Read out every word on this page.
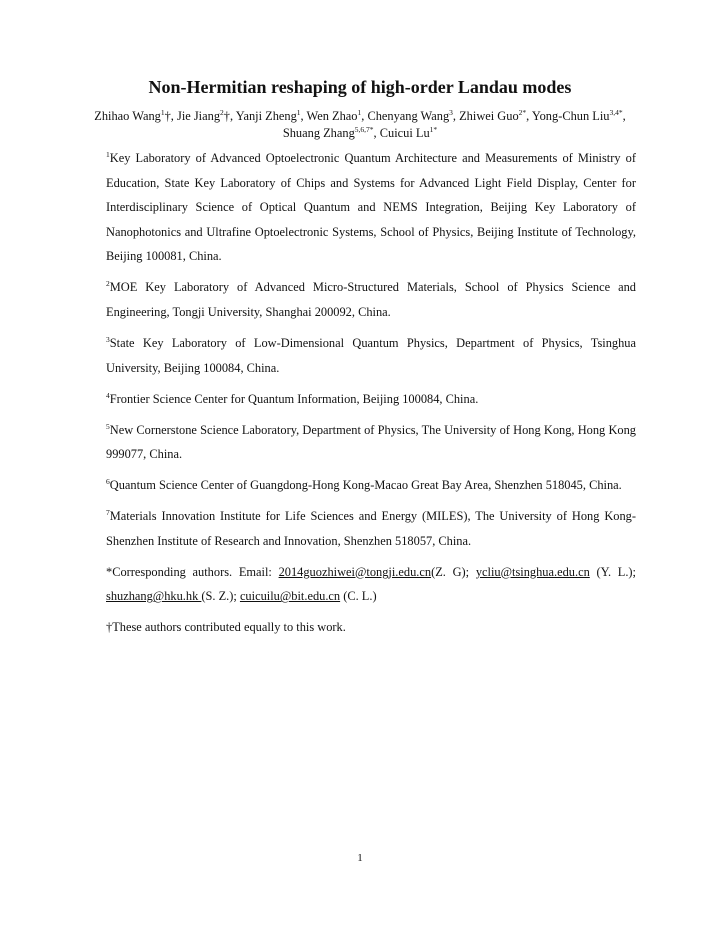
Non-Hermitian reshaping of high-order Landau modes
Zhihao Wang$^1$†, Jie Jiang$^2$†, Yanji Zheng$^1$, Wen Zhao$^1$, Chenyang Wang$^3$, Zhiwei Guo$^{2*}$, Yong-Chun Liu$^{3,4*}$, Shuang Zhang$^{5,6,7*}$, Cuicui $Lu^{1*}$

$^1$Key Laboratory of Advanced Optoelectronic Quantum Architecture and Measurements of Ministry of Education, State Key Laboratory of Chips and Systems for Advanced Light Field Display, Center for Interdisciplinary Science of Optical Quantum and NEMS Integration, Beijing Key Laboratory of Nanophotonics and Ultrafine Optoelectronic Systems, School of Physics, Beijing Institute of Technology, Beijing 100081, China.

$^2$MOE Key Laboratory of Advanced Micro-Structured Materials, School of Physics Science and Engineering, Tongji University, Shanghai 200092, China.

$^3$State Key Laboratory of Low-Dimensional Quantum Physics, Department of Physics, Tsinghua University, Beijing 100084, China.

$^4$Frontier Science Center for Quantum Information, Beijing 100084, China.

$^5$New Cornerstone Science Laboratory, Department of Physics, The University of Hong Kong, Hong Kong 999077, China.

$^6$Quantum Science Center of Guangdong-Hong Kong-Macao Great Bay Area, Shenzhen 518045, China.

$^7$Materials Innovation Institute for Life Sciences and Energy (MILES), The University of Hong Kong-Shenzhen Institute of Research and Innovation, Shenzhen 518057, China.

*Corresponding authors. Email: 2014guozhiwei@tongji.edu.cn(Z. G); ycliu@tsinghua.edu.cn (Y. L.); shuzhang@hku.hk (S. Z.); cuicuilu@bit.edu.cn (C. L.)

†These authors contributed equally to this work.

1
